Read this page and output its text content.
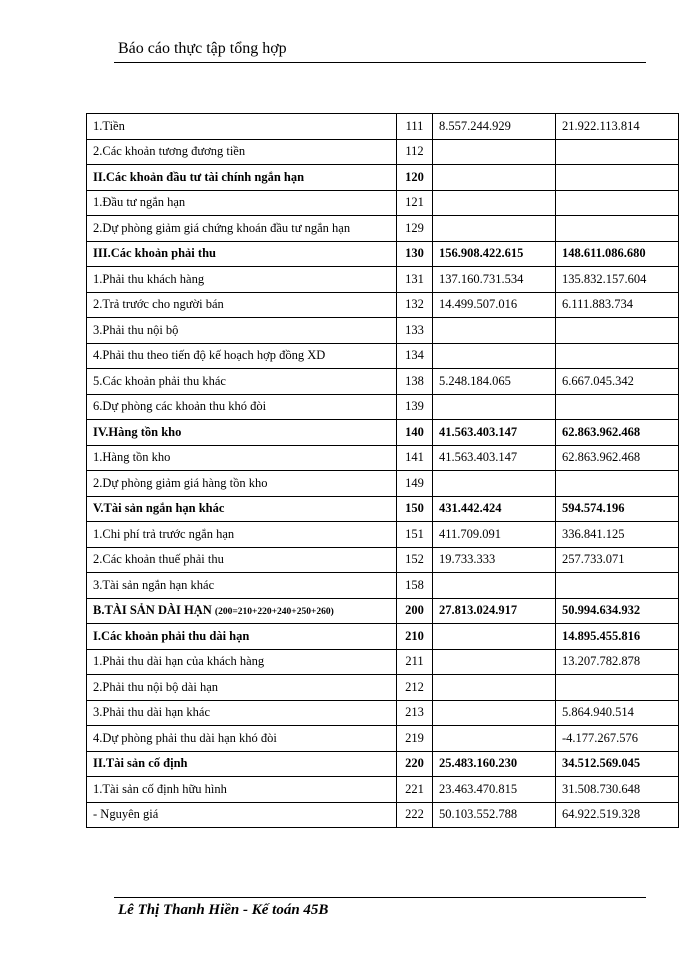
Báo cáo thực tập tổng hợp
1.Tiền	111	8.557.244.929	21.922.113.814
2.Các khoản tương đương tiền	112		
II.Các khoản đầu tư tài chính ngắn hạn	120		
1.Đầu tư ngắn hạn	121		
2.Dự phòng giảm giá chứng khoán đầu tư ngắn hạn	129		
III.Các khoản phải thu	130	156.908.422.615	148.611.086.680
1.Phải thu khách hàng	131	137.160.731.534	135.832.157.604
2.Trả trước cho người bán	132	14.499.507.016	6.111.883.734
3.Phải thu nội bộ	133		
4.Phải thu theo tiến độ kế hoạch hợp đồng XD	134		
5.Các khoản phải thu khác	138	5.248.184.065	6.667.045.342
6.Dự phòng các khoản thu khó đòi	139		
IV.Hàng tồn kho	140	41.563.403.147	62.863.962.468
1.Hàng tồn kho	141	41.563.403.147	62.863.962.468
2.Dự phòng giảm giá hàng tồn kho	149		
V.Tài sản ngắn hạn khác	150	431.442.424	594.574.196
1.Chi phí trả trước ngắn hạn	151	411.709.091	336.841.125
2.Các khoản thuế phải thu	152	19.733.333	257.733.071
3.Tài sản ngắn hạn khác	158		
B.TÀI SẢN DÀI HẠN (200=210+220+240+250+260)	200	27.813.024.917	50.994.634.932
I.Các khoản phải thu dài hạn	210		14.895.455.816
1.Phải thu dài hạn của khách hàng	211		13.207.782.878
2.Phải thu nội bộ dài hạn	212		
3.Phải thu dài hạn khác	213		5.864.940.514
4.Dự phòng phải thu dài hạn khó đòi	219		-4.177.267.576
II.Tài sản cố định	220	25.483.160.230	34.512.569.045
1.Tài sản cố định hữu hình	221	23.463.470.815	31.508.730.648
- Nguyên giá	222	50.103.552.788	64.922.519.328
Lê Thị Thanh Hiền - Kế toán 45B
